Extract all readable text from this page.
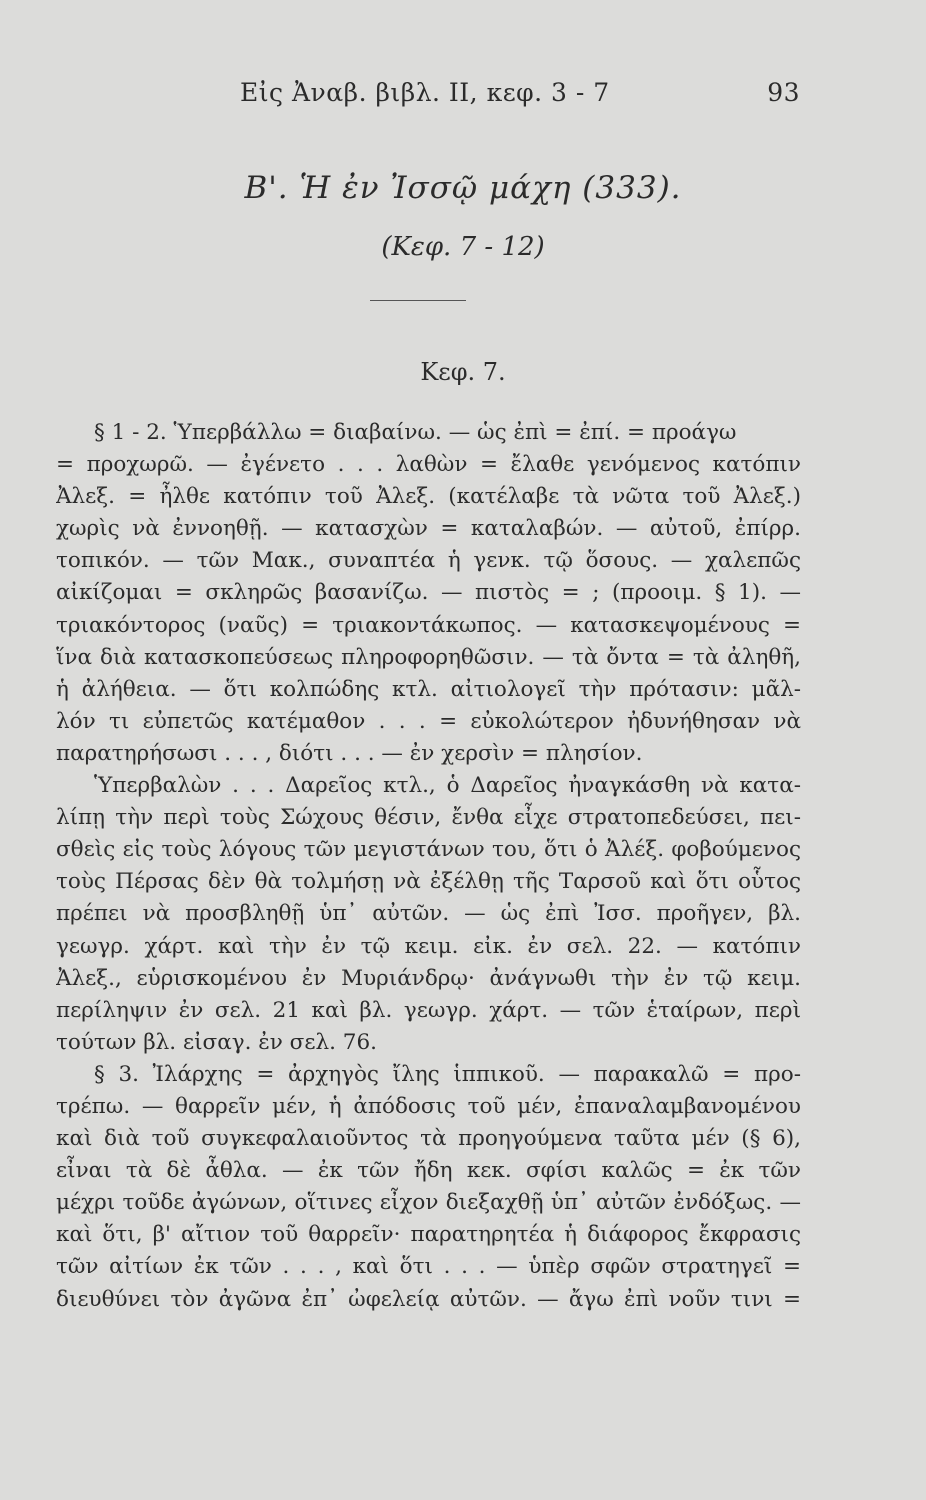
Εἰς Ἀναβ. βιβλ. ΙΙ, κεφ. 3 - 7	93
Β'. Ἡ ἐν Ἰσσῷ μάχη (333).
(Κεφ. 7 - 12)
Κεφ. 7.
§ 1 - 2. Ὑπερβάλλω = διαβαίνω. — ὡς ἐπὶ = ἐπί. = προάγω
= προχωρῶ. — ἐγένετο . . . λαθὼν = ἔλαθε γενόμενος κατόπιν
Ἀλεξ. = ἦλθε κατόπιν τοῦ Ἀλεξ. (κατέλαβε τὰ νῶτα τοῦ Ἀλεξ.)
χωρὶς νὰ ἐννοηθῇ. — κατασχὼν = καταλαβών. — αὐτοῦ, ἐπίρρ.
τοπικόν. — τῶν Μακ., συναπτέα ἡ γενκ. τῷ ὅσους. — χαλεπῶς
αἰκίζομαι = σκληρῶς βασανίζω. — πιστὸς = ; (προοιμ. § 1). —
τριακόντορος (ναῦς) = τριακοντάκωπος. — κατασκεψομένους =
ἵνα διὰ κατασκοπεύσεως πληροφορηθῶσιν. — τὰ ὄντα = τὰ ἀληθῆ,
ἡ ἀλήθεια. — ὅτι κολπώδης κτλ. αἰτιολογεῖ τὴν πρότασιν: μᾶλ-
λόν τι εὐπετῶς κατέμαθον . . . = εὐκολώτερον ἠδυνήθησαν νὰ
παρατηρήσωσι . . . , διότι . . . — ἐν χερσὶν = πλησίον.
Ὑπερβαλὼν . . . Δαρεῖος κτλ., ὁ Δαρεῖος ἠναγκάσθη νὰ κατα-
λίπῃ τὴν περὶ τοὺς Σώχους θέσιν, ἔνθα εἶχε στρατοπεδεύσει, πει-
σθεὶς εἰς τοὺς λόγους τῶν μεγιστάνων του, ὅτι ὁ Ἀλέξ. φοβούμενος
τοὺς Πέρσας δὲν θὰ τολμήσῃ νὰ ἐξέλθῃ τῆς Ταρσοῦ καὶ ὅτι οὗτος
πρέπει νὰ προσβληθῇ ὑπ᾿ αὐτῶν. — ὡς ἐπὶ Ἰσσ. προῆγεν, βλ.
γεωγρ. χάρτ. καὶ τὴν ἐν τῷ κειμ. εἰκ. ἐν σελ. 22. — κατόπιν
Ἀλεξ., εὑρισκομένου ἐν Μυριάνδρῳ· ἀνάγνωθι τὴν ἐν τῷ κειμ.
περίληψιν ἐν σελ. 21 καὶ βλ. γεωγρ. χάρτ. — τῶν ἑταίρων, περὶ
τούτων βλ. εἰσαγ. ἐν σελ. 76.
§ 3. Ἰλάρχης = ἀρχηγὸς ἴλης ἱππικοῦ. — παρακαλῶ = προ-
τρέπω. — θαρρεῖν μέν, ἡ ἀπόδοσις τοῦ μέν, ἐπαναλαμβανομένου
καὶ διὰ τοῦ συγκεφαλαιοῦντος τὰ προηγούμενα ταῦτα μέν (§ 6),
εἶναι τὰ δὲ ἆθλα. — ἐκ τῶν ἤδη κεκ. σφίσι καλῶς = ἐκ τῶν
μέχρι τοῦδε ἀγώνων, οἵτινες εἶχον διεξαχθῇ ὑπ᾿ αὐτῶν ἐνδόξως. —
καὶ ὅτι, β' αἴτιον τοῦ θαρρεῖν· παρατηρητέα ἡ διάφορος ἔκφρασις
τῶν αἰτίων ἐκ τῶν . . . , καὶ ὅτι . . . — ὑπὲρ σφῶν στρατηγεῖ =
διευθύνει τὸν ἀγῶνα ἐπ᾿ ὠφελείᾳ αὐτῶν. — ἄγω ἐπὶ νοῦν τινι =
